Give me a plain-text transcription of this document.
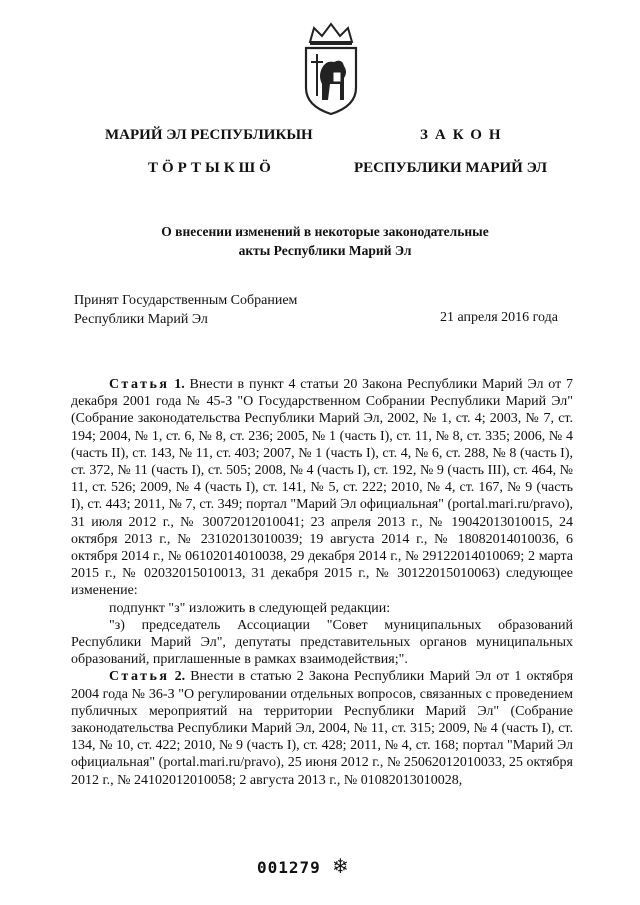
МАРИЙ ЭЛ РЕСПУБЛИКЫН
ТӦРТЫКШӦ
ЗАКОН
РЕСПУБЛИКИ МАРИЙ ЭЛ
О внесении изменений в некоторые законодательные
акты Республики Марий Эл
Принят Государственным Собранием
Республики Марий Эл	21 апреля 2016 года

Статья 1. Внести в пункт 4 статьи 20 Закона Республики Марий Эл от 7 декабря 2001 года № 45-З "О Государственном Собрании Республики Марий Эл" (Собрание законодательства Республики Марий Эл, 2002, № 1, ст. 4; 2003, № 7, ст. 194; 2004, № 1, ст. 6, № 8, ст. 236; 2005, № 1 (часть I), ст. 11, № 8, ст. 335; 2006, № 4 (часть II), ст. 143, № 11, ст. 403; 2007, № 1 (часть I), ст. 4, № 6, ст. 288, № 8 (часть I), ст. 372, № 11 (часть I), ст. 505; 2008, № 4 (часть I), ст. 192, № 9 (часть III), ст. 464, № 11, ст. 526; 2009, № 4 (часть I), ст. 141, № 5, ст. 222; 2010, № 4, ст. 167, № 9 (часть I), ст. 443; 2011, № 7, ст. 349; портал "Марий Эл официальная" (portal.mari.ru/pravo), 31 июля 2012 г., № 30072012010041; 23 апреля 2013 г., № 19042013010015, 24 октября 2013 г., № 23102013010039; 19 августа 2014 г., № 18082014010036, 6 октября 2014 г., № 06102014010038, 29 декабря 2014 г., № 29122014010069; 2 марта 2015 г., № 02032015010013, 31 декабря 2015 г., № 30122015010063) следующее изменение:

подпункт "з" изложить в следующей редакции:

"з) председатель Ассоциации "Совет муниципальных образований Республики Марий Эл", депутаты представительных органов муниципальных образований, приглашенные в рамках взаимодействия;".

Статья 2. Внести в статью 2 Закона Республики Марий Эл от 1 октября 2004 года № 36-З "О регулировании отдельных вопросов, связанных с проведением публичных мероприятий на территории Республики Марий Эл" (Собрание законодательства Республики Марий Эл, 2004, № 11, ст. 315; 2009, № 4 (часть I), ст. 134, № 10, ст. 422; 2010, № 9 (часть I), ст. 428; 2011, № 4, ст. 168; портал "Марий Эл официальная" (portal.mari.ru/pravo), 25 июня 2012 г., № 25062012010033, 25 октября 2012 г., № 24102012010058; 2 августа 2013 г., № 01082013010028,

001279 ❄
